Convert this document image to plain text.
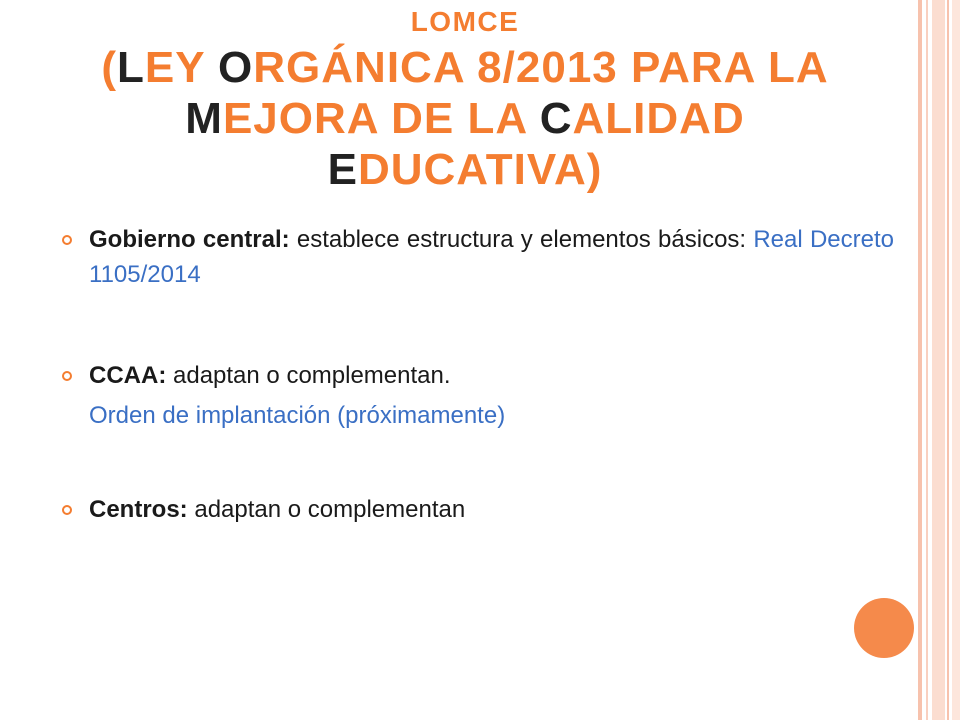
LOMCE
(LEY ORGÁNICA 8/2013 PARA LA
MEJORA DE LA CALIDAD
EDUCATIVA)
Gobierno central: establece estructura y elementos básicos: Real Decreto 1105/2014
CCAA: adaptan o complementan.
Orden de implantación (próximamente)
Centros: adaptan o complementan
